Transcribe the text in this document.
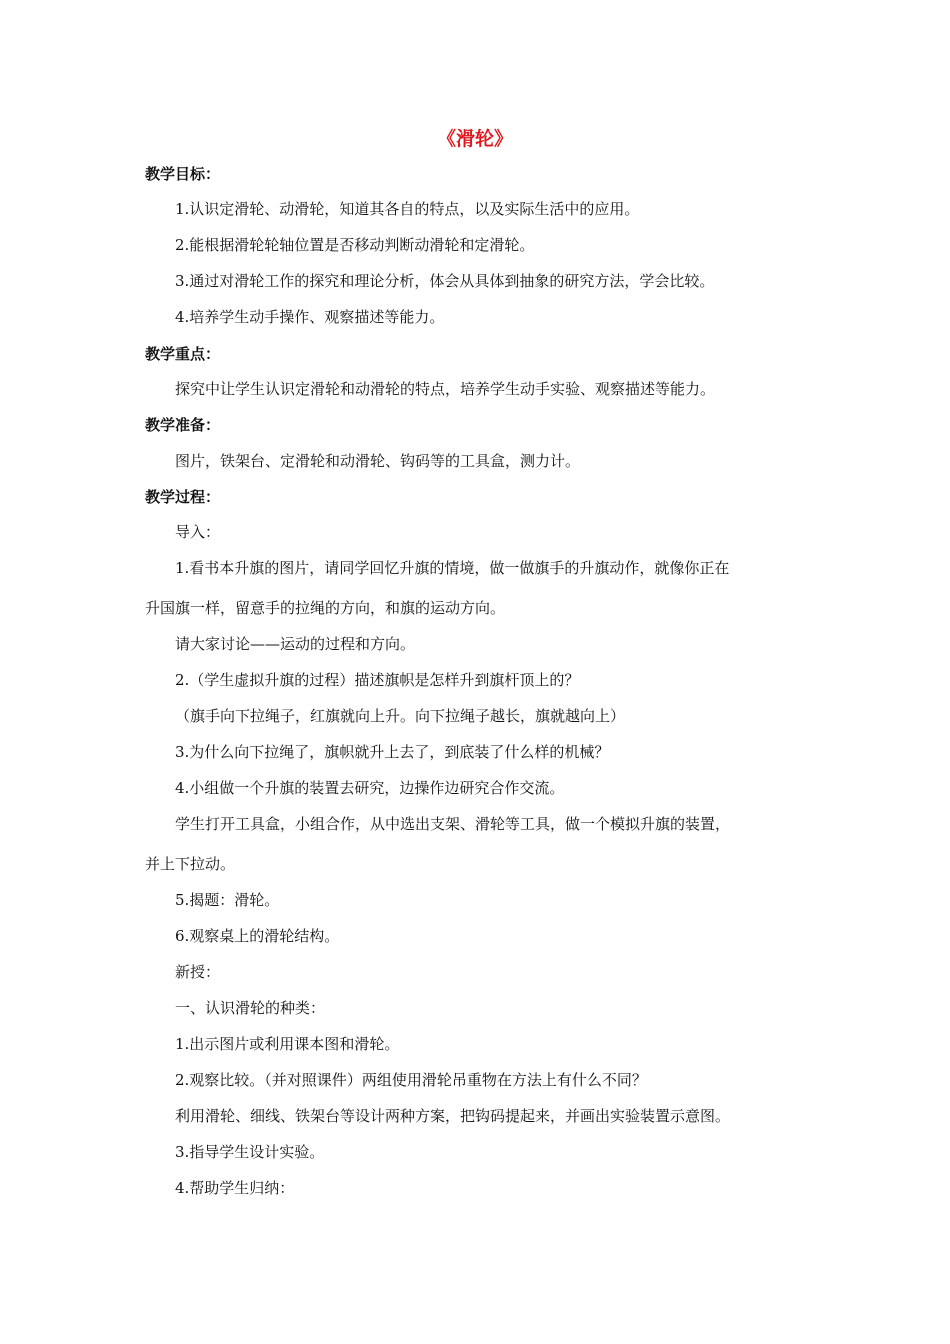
《滑轮》
教学目标：
1.认识定滑轮、动滑轮，知道其各自的特点，以及实际生活中的应用。
2.能根据滑轮轮轴位置是否移动判断动滑轮和定滑轮。
3.通过对滑轮工作的探究和理论分析，体会从具体到抽象的研究方法，学会比较。
4.培养学生动手操作、观察描述等能力。
教学重点：
探究中让学生认识定滑轮和动滑轮的特点，培养学生动手实验、观察描述等能力。
教学准备：
图片，铁架台、定滑轮和动滑轮、钩码等的工具盒，测力计。
教学过程：
导入：
1.看书本升旗的图片，请同学回忆升旗的情境，做一做旗手的升旗动作，就像你正在
升国旗一样，留意手的拉绳的方向，和旗的运动方向。
请大家讨论——运动的过程和方向。
2.（学生虚拟升旗的过程）描述旗帜是怎样升到旗杆顶上的？
（旗手向下拉绳子，红旗就向上升。向下拉绳子越长，旗就越向上）
3.为什么向下拉绳了，旗帜就升上去了，到底装了什么样的机械？
4.小组做一个升旗的装置去研究，边操作边研究合作交流。
学生打开工具盒，小组合作，从中选出支架、滑轮等工具，做一个模拟升旗的装置，
并上下拉动。
5.揭题：滑轮。
6.观察桌上的滑轮结构。
新授：
一、认识滑轮的种类：
1.出示图片或利用课本图和滑轮。
2.观察比较。（并对照课件）两组使用滑轮吊重物在方法上有什么不同？
利用滑轮、细线、铁架台等设计两种方案，把钩码提起来，并画出实验装置示意图。
3.指导学生设计实验。
4.帮助学生归纳：
